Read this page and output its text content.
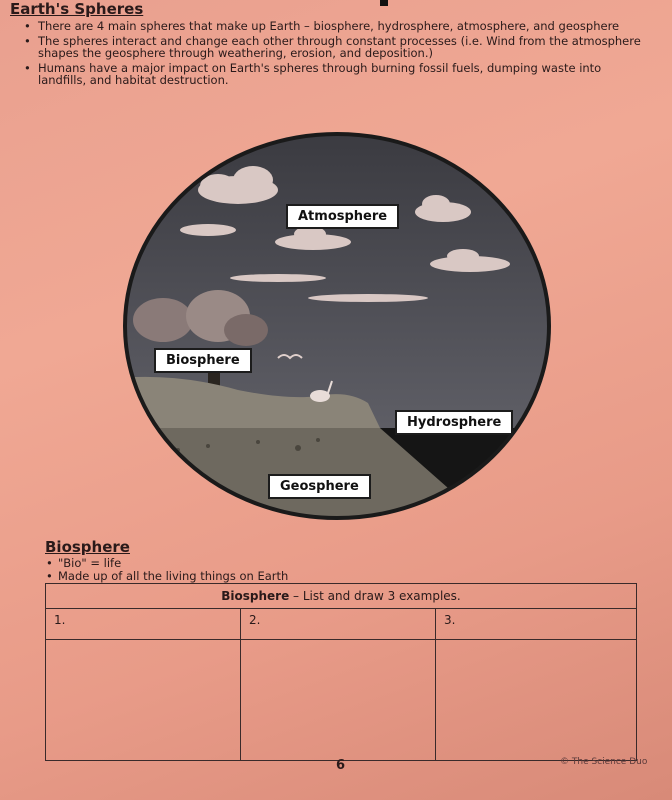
Earth's Spheres
• There are 4 main spheres that make up Earth – biosphere, hydrosphere, atmosphere, and geosphere
• The spheres interact and change each other through constant processes (i.e. Wind from the atmosphere shapes the geosphere through weathering, erosion, and deposition.)
• Humans have a major impact on Earth's spheres through burning fossil fuels, dumping waste into landfills, and habitat destruction.
Atmosphere
Biosphere
Hydrosphere
Geosphere
Biosphere
• "Bio" = life
• Made up of all the living things on Earth
Biosphere – List and draw 3 examples.		
1.	2.	3.

6	© The Science Duo
